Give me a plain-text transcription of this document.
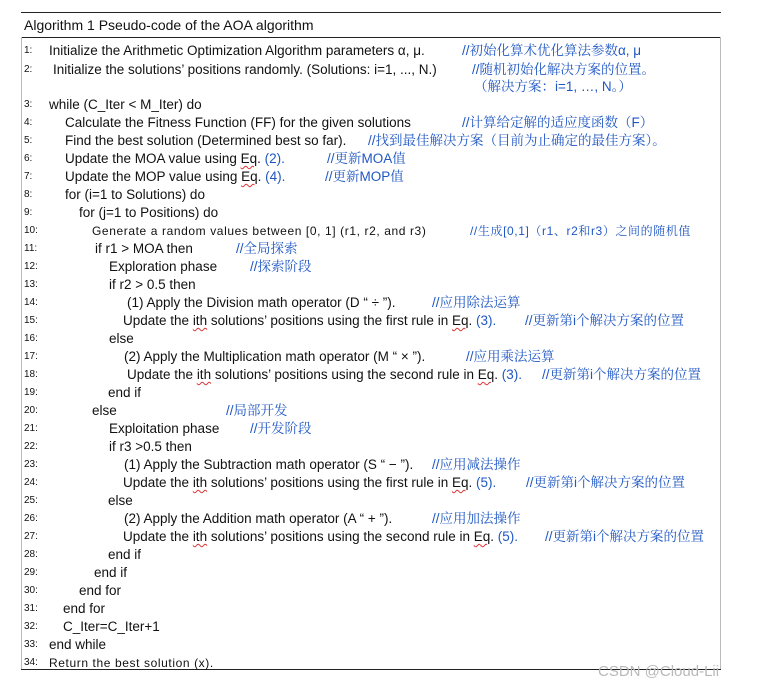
Algorithm 1 Pseudo-code of the AOA algorithm
1:	Initialize the Arithmetic Optimization Algorithm parameters α, μ.	//初始化算术优化算法参数α, μ
2:	Initialize the solutions’ positions randomly. (Solutions: i=1, ..., N.)	//随机初始化解决方案的位置。
（解决方案：i=1, …, N。）
3:	while (C_Iter < M_Iter) do
4:	Calculate the Fitness Function (FF) for the given solutions	//计算给定解的适应度函数（F）
5:	Find the best solution (Determined best so far). //找到最佳解决方案（目前为止确定的最佳方案）。
6:	Update the MOA value using Eq. (2).	//更新MOA值
7:	Update the MOP value using Eq. (4).	//更新MOP值
8:	for (i=1 to Solutions) do
9:	for (j=1 to Positions) do
10:	Generate a random values between [0, 1] (r1, r2, and r3)	//生成[0,1]（r1、r2和r3）之间的随机值
11:	if r1 > MOA then	//全局探索
12:	Exploration phase //探索阶段
13:	if r2 > 0.5 then
14:	(1) Apply the Division math operator (D “ ÷ ”).	//应用除法运算
15:	Update the ith solutions’ positions using the first rule in Eq. (3). //更新第i个解决方案的位置
16:	else
17:	(2) Apply the Multiplication math operator (M “ × ”).	//应用乘法运算
18:	Update the ith solutions’ positions using the second rule in Eq. (3). //更新第i个解决方案的位置
19:	end if
20:	else	//局部开发
21:	Exploitation phase //开发阶段
22:	if r3 >0.5 then
23:	(1) Apply the Subtraction math operator (S “ − ”). //应用减法操作
24:	Update the ith solutions’ positions using the first rule in Eq. (5). //更新第i个解决方案的位置
25:	else
26:	(2) Apply the Addition math operator (A “ + ”).	//应用加法操作
27:	Update the ith solutions’ positions using the second rule in Eq. (5). //更新第i个解决方案的位置
28:	end if
29:	end if
30:	end for
31:	end for
32:	C_Iter=C_Iter+1
33: end while
34: Return the best solution (x).	CSDN @Cloud-Lii
